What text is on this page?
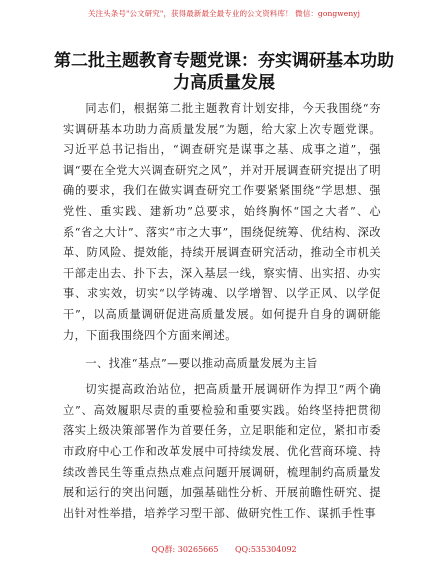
关注头条号"公文研究"，获得最新最全最专业的公文资料库！ 微信：gongwenyj
第二批主题教育专题党课：夯实调研基本功助力高质量发展

同志们，根据第二批主题教育计划安排，今天我围绕“夯实调研基本功助力高质量发展”为题，给大家上次专题党课。习近平总书记指出，“调查研究是谋事之基、成事之道”，强调“要在全党大兴调查研究之风”，并对开展调查研究提出了明确的要求，我们在做实调查研究工作要紧紧围绕“学思想、强党性、重实践、建新功”总要求，始终胸怀“国之大者”、心系“省之大计”、落实“市之大事”，围绕促统筹、优结构、深改革、防风险、提效能，持续开展调查研究活动，推动全市机关干部走出去、扑下去，深入基层一线，察实情、出实招、办实事、求实效，切实“以学铸魂、以学增智、以学正风、以学促干”，以高质量调研促进高质量发展。如何提升自身的调研能力，下面我围绕四个方面来阐述。

一、找准“基点”—要以推动高质量发展为主旨

切实提高政治站位，把高质量开展调研作为捍卫“两个确立”、高效履职尽责的重要检验和重要实践。始终坚持把贯彻落实上级决策部署作为首要任务，立足职能和定位，紧扣市委市政府中心工作和改革发展中可持续发展、优化营商环境、持续改善民生等重点热点难点问题开展调研，梳理制约高质量发展和运行的突出问题，加强基础性分析、开展前瞻性研究、提出针对性举措，培养学习型干部、做研究性工作、谋抓手性事

QQ群: 30265665 QQ:535304092
